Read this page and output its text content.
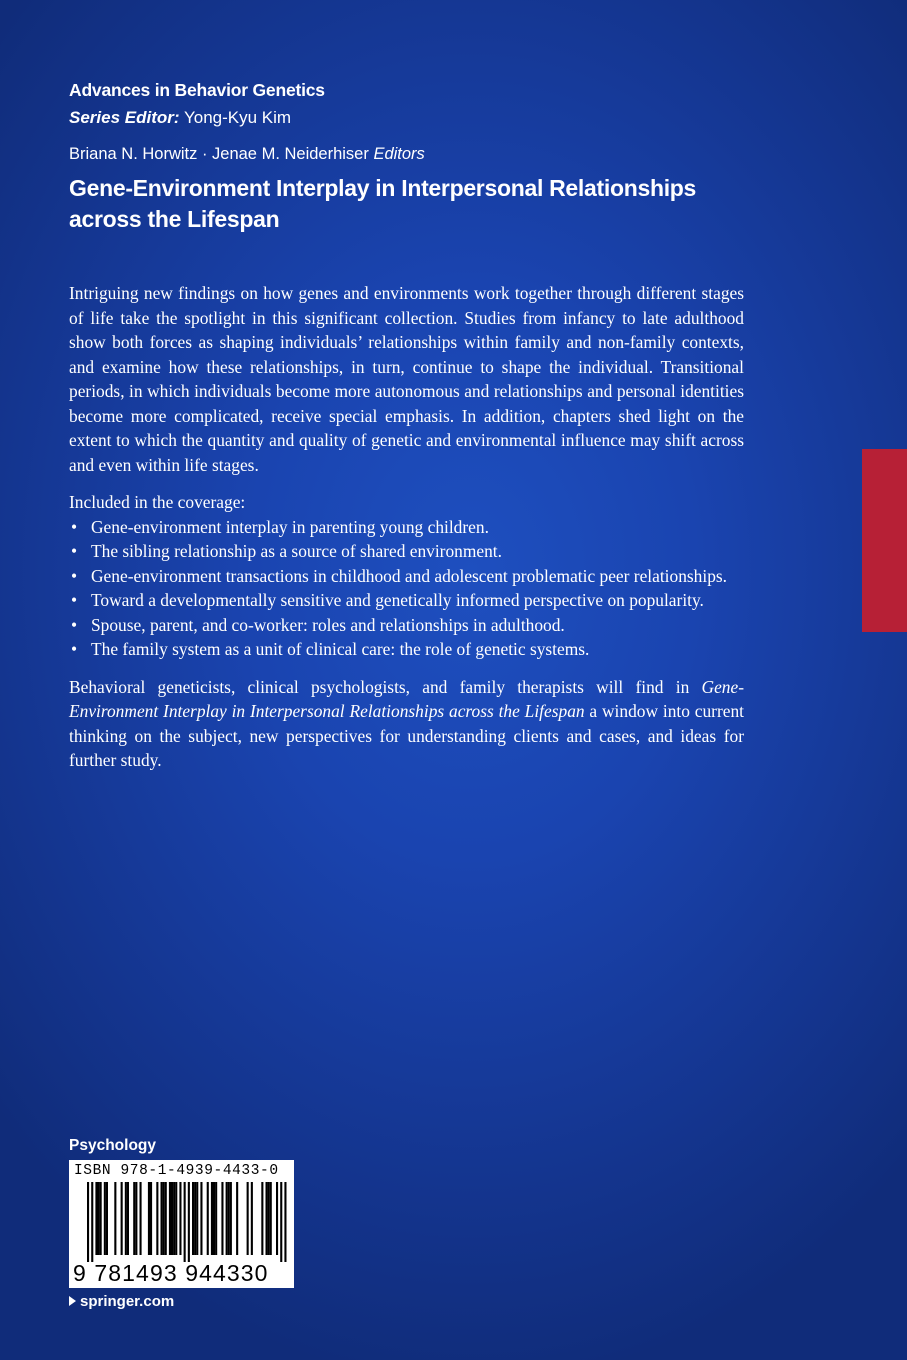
Advances in Behavior Genetics
Series Editor: Yong-Kyu Kim
Briana N. Horwitz · Jenae M. Neiderhiser Editors
Gene-Environment Interplay in Interpersonal Relationships across the Lifespan

Intriguing new findings on how genes and environments work together through different stages of life take the spotlight in this significant collection. Studies from infancy to late adulthood show both forces as shaping individuals’ relationships within family and non-family contexts, and examine how these relationships, in turn, continue to shape the individual. Transitional periods, in which individuals become more autonomous and relationships and personal identities become more complicated, receive special emphasis. In addition, chapters shed light on the extent to which the quantity and quality of genetic and environmental influence may shift across and even within life stages.

Included in the coverage:

• Gene-environment interplay in parenting young children.
• The sibling relationship as a source of shared environment.
• Gene-environment transactions in childhood and adolescent problematic peer relationships.
• Toward a developmentally sensitive and genetically informed perspective on popularity.
• Spouse, parent, and co-worker: roles and relationships in adulthood.
• The family system as a unit of clinical care: the role of genetic systems.

Behavioral geneticists, clinical psychologists, and family therapists will find in Gene-Environment Interplay in Interpersonal Relationships across the Lifespan a window into current thinking on the subject, new perspectives for understanding clients and cases, and ideas for further study.

Psychology
ISBN 978-1-4939-4433-0
9 781493 944330
springer.com
